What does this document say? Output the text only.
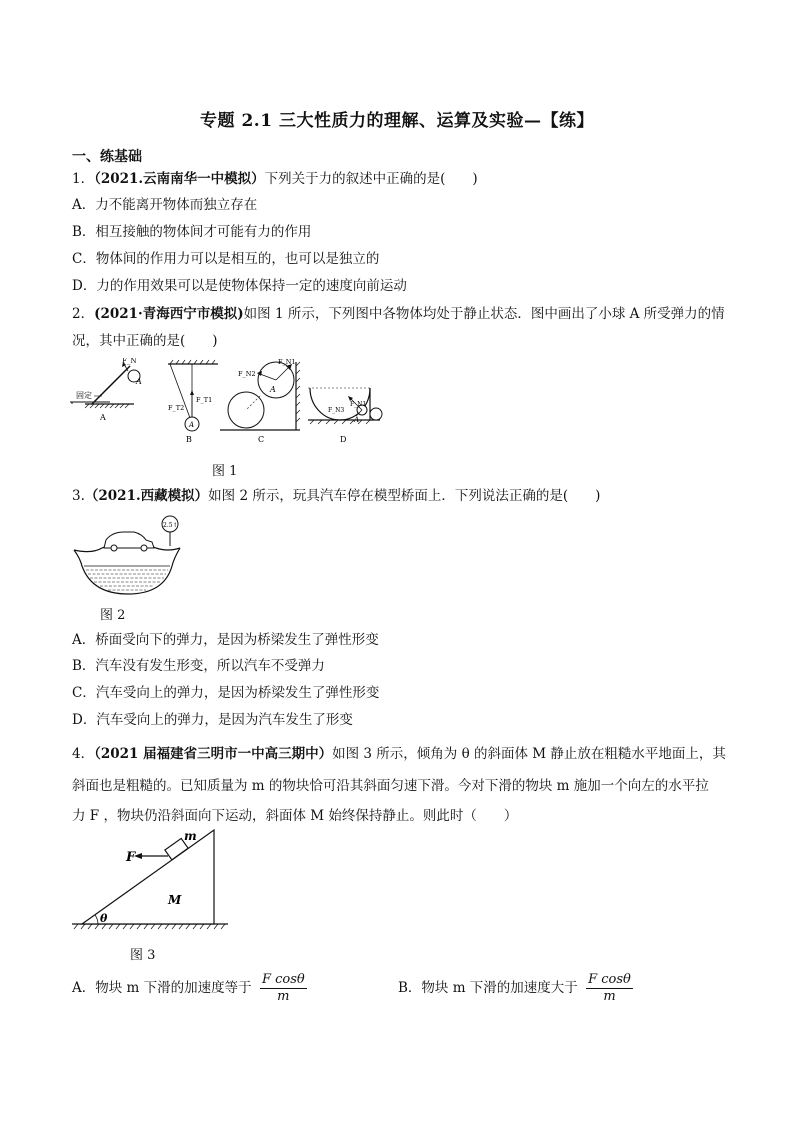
专题 2.1 三大性质力的理解、运算及实验—【练】
一、练基础
1．（2021.云南南华一中模拟）下列关于力的叙述中正确的是(　　)
A．力不能离开物体而独立存在
B．相互接触的物体间才可能有力的作用
C．物体间的作用力可以是相互的，也可以是独立的
D．力的作用效果可以是使物体保持一定的速度向前运动
2．(2021·青海西宁市模拟)如图 1 所示，下列图中各物体均处于静止状态．图中画出了小球 A 所受弹力的情
况，其中正确的是(　　)
F_N
A
固定
A
A
F_T1
F_T2
B
F_N1
F_N2
A
C
F_N1
F_N3
A
D
图 1
3.（2021.西藏模拟）如图 2 所示，玩具汽车停在模型桥面上．下列说法正确的是(　　)
2.5↑
图 2
A．桥面受向下的弹力，是因为桥梁发生了弹性形变
B．汽车没有发生形变，所以汽车不受弹力
C．汽车受向上的弹力，是因为桥梁发生了弹性形变
D．汽车受向上的弹力，是因为汽车发生了形变
4．（2021 届福建省三明市一中高三期中）如图 3 所示，倾角为 θ 的斜面体 M 静止放在粗糙水平地面上，其
斜面也是粗糙的。已知质量为 m 的物块恰可沿其斜面匀速下滑。今对下滑的物块 m 施加一个向左的水平拉
力 F ，物块仍沿斜面向下运动，斜面体 M 始终保持静止。则此时（　　）
F
m
M
θ
图 3
A．物块 m 下滑的加速度等于 $\frac{\text{F cosθ}}{m}$	B．物块 m 下滑的加速度大于 $\frac{\text{F cosθ}}{m}$
